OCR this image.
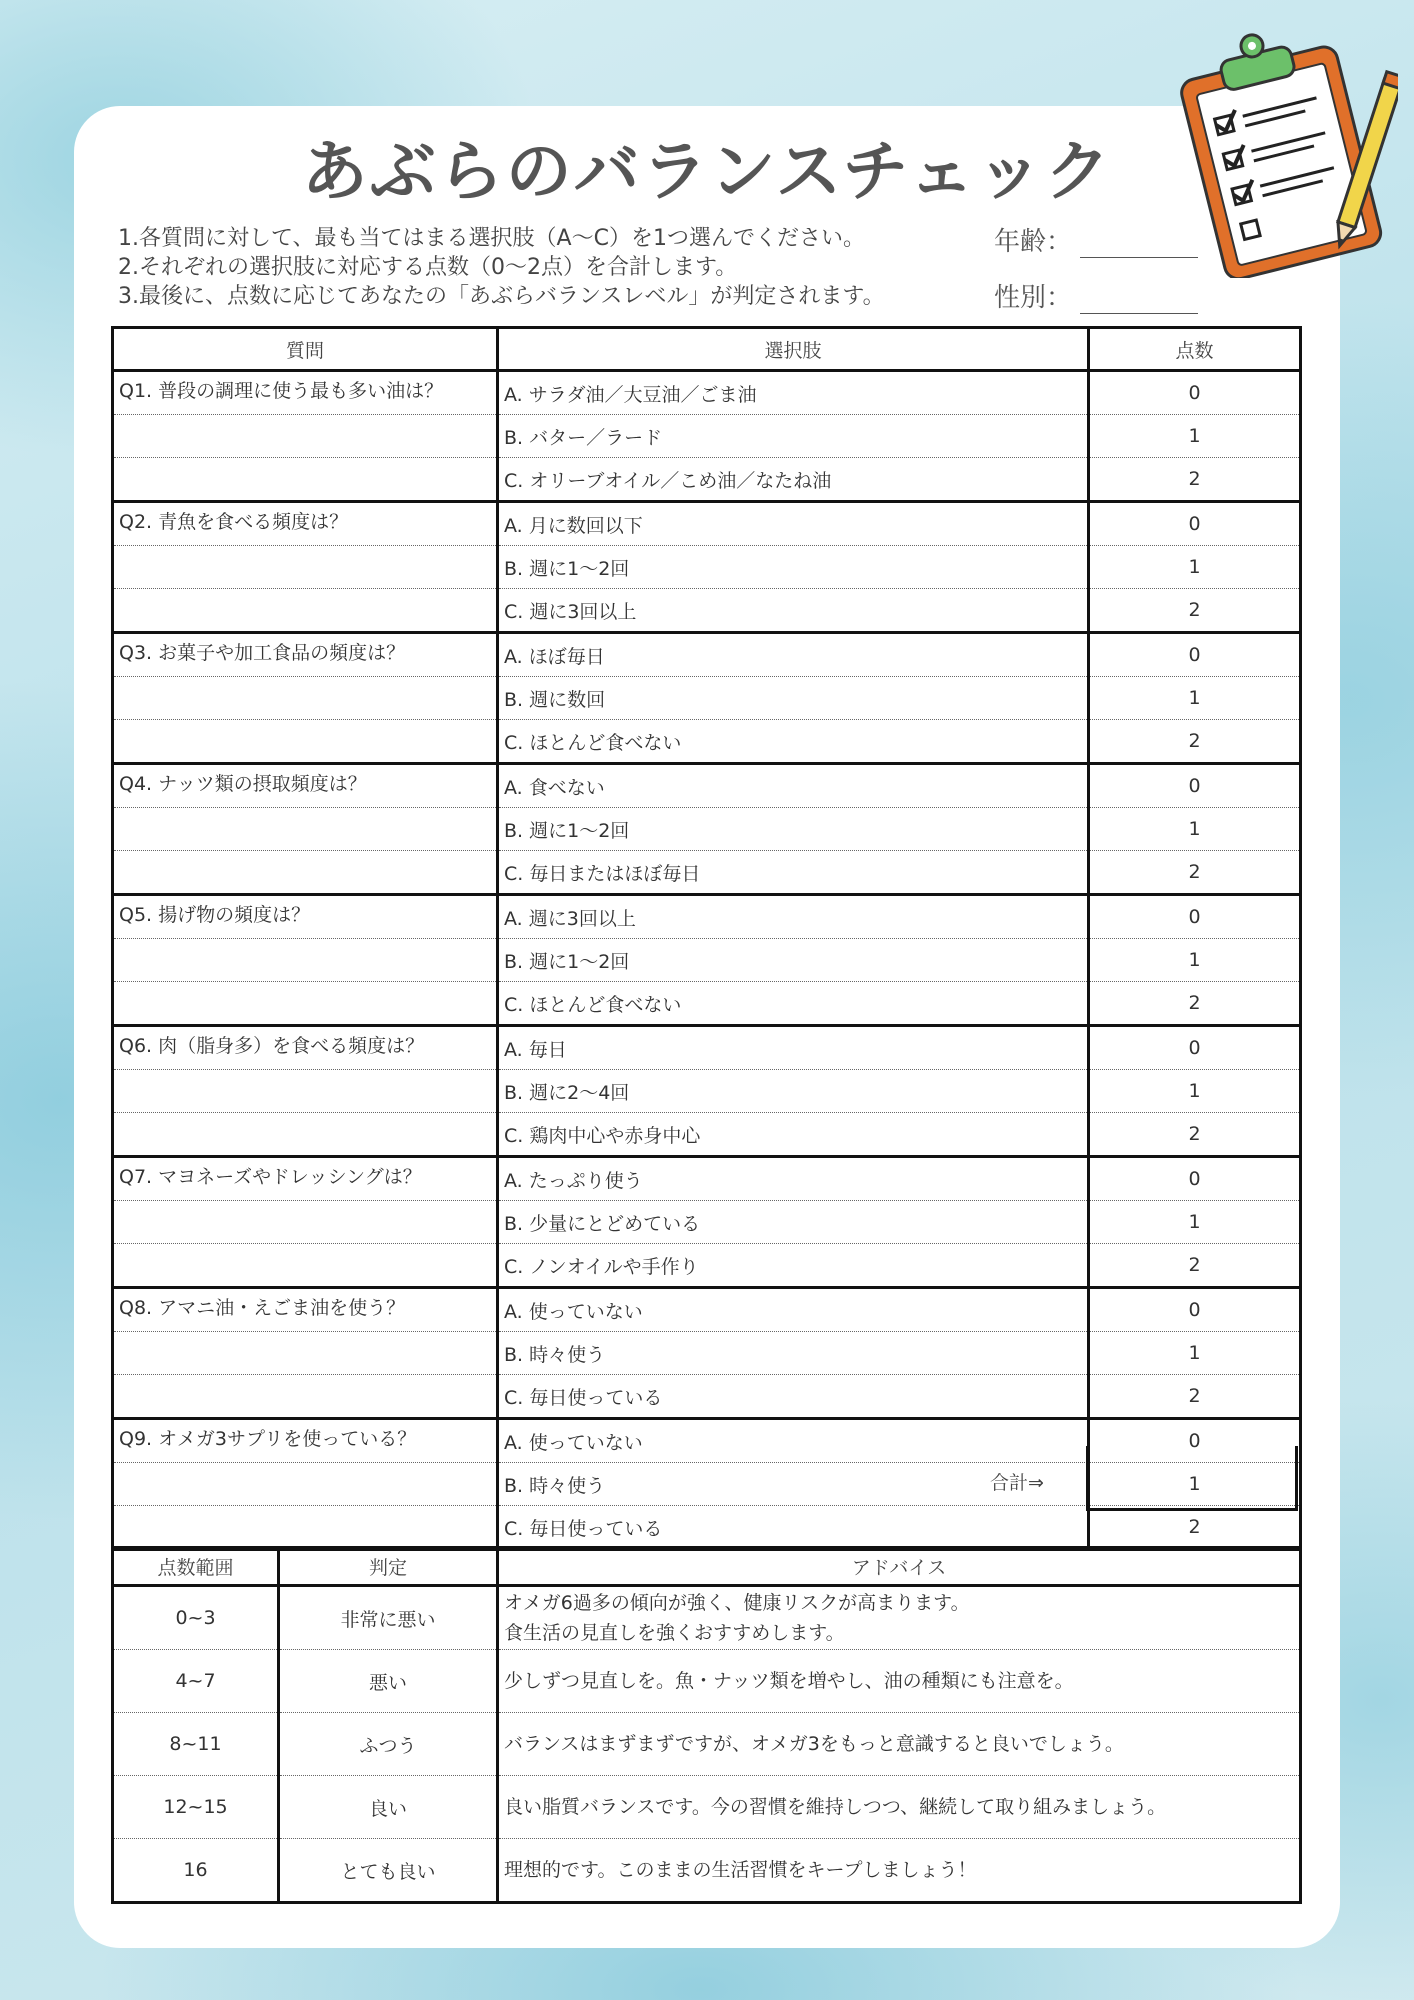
あぶらのバランスチェック
1.各質問に対して、最も当てはまる選択肢（A～C）を1つ選んでください。
2.それぞれの選択肢に対応する点数（0～2点）を合計します。
3.最後に、点数に応じてあなたの「あぶらバランスレベル」が判定されます。
年齢：
性別：
質問	選択肢	点数
Q1. 普段の調理に使う最も多い油は？	A. サラダ油／大豆油／ごま油	0
	B. バター／ラード	1
	C. オリーブオイル／こめ油／なたね油	2
Q2. 青魚を食べる頻度は？	A. 月に数回以下	0
	B. 週に1～2回	1
	C. 週に3回以上	2
Q3. お菓子や加工食品の頻度は？	A. ほぼ毎日	0
	B. 週に数回	1
	C. ほとんど食べない	2
Q4. ナッツ類の摂取頻度は？	A. 食べない	0
	B. 週に1～2回	1
	C. 毎日またはほぼ毎日	2
Q5. 揚げ物の頻度は？	A. 週に3回以上	0
	B. 週に1～2回	1
	C. ほとんど食べない	2
Q6. 肉（脂身多）を食べる頻度は？	A. 毎日	0
	B. 週に2～4回	1
	C. 鶏肉中心や赤身中心	2
Q7. マヨネーズやドレッシングは？	A. たっぷり使う	0
	B. 少量にとどめている	1
	C. ノンオイルや手作り	2
Q8. アマニ油・えごま油を使う？	A. 使っていない	0
	B. 時々使う	1
	C. 毎日使っている	2
Q9. オメガ3サプリを使っている？	A. 使っていない	0
	B. 時々使う	1
	C. 毎日使っている	2
合計⇒
点数範囲	判定	アドバイス
0~3	非常に悪い	オメガ6過多の傾向が強く、健康リスクが高まります。
食生活の見直しを強くおすすめします。

4~7	悪い	少しずつ見直しを。魚・ナッツ類を増やし、油の種類にも注意を。

8~11	ふつう	バランスはまずまずですが、オメガ3をもっと意識すると良いでしょう。

12~15	良い	良い脂質バランスです。今の習慣を維持しつつ、継続して取り組みましょう。

16	とても良い	理想的です。このままの生活習慣をキープしましょう！
